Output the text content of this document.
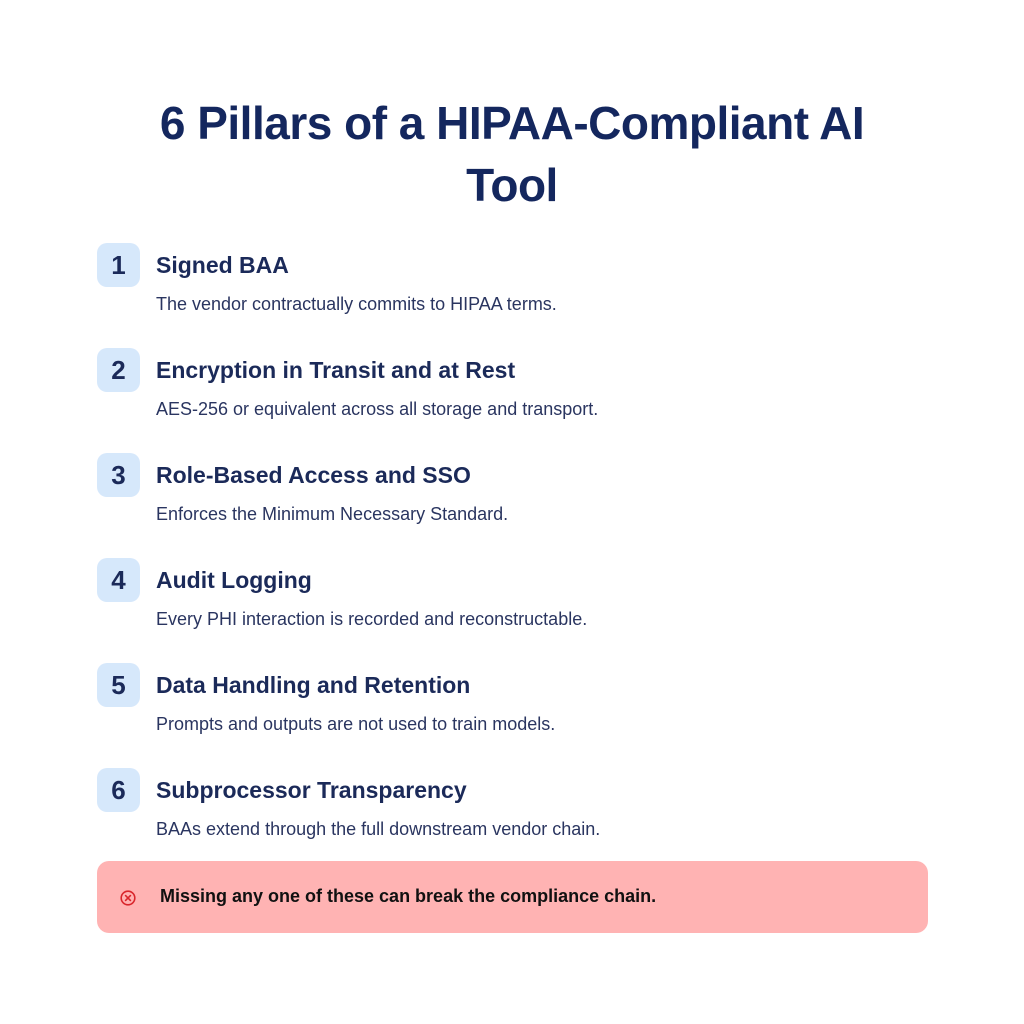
6 Pillars of a HIPAA-Compliant AI
Tool
1	Signed BAA
The vendor contractually commits to HIPAA terms.
2	Encryption in Transit and at Rest
AES-256 or equivalent across all storage and transport.
3	Role-Based Access and SSO
Enforces the Minimum Necessary Standard.
4	Audit Logging
Every PHI interaction is recorded and reconstructable.
5	Data Handling and Retention
Prompts and outputs are not used to train models.
6	Subprocessor Transparency
BAAs extend through the full downstream vendor chain.
Missing any one of these can break the compliance chain.
